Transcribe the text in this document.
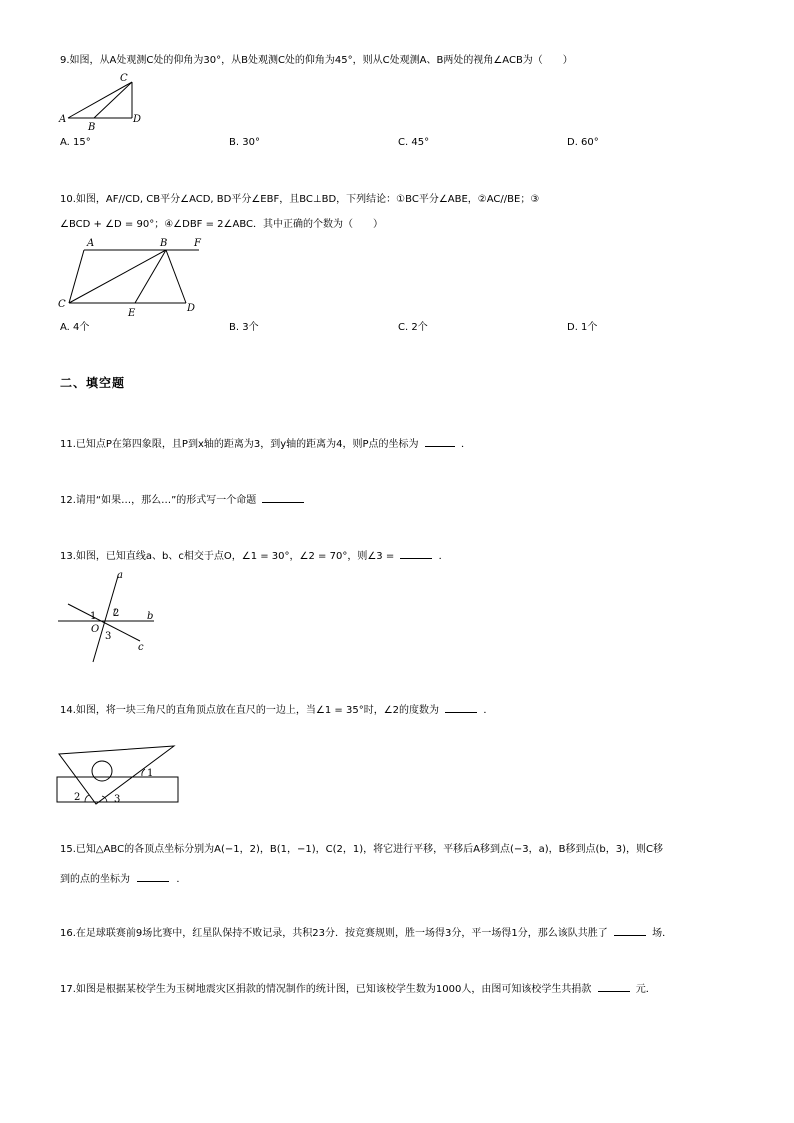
9.如图，从A处观测C处的仰角为30°，从B处观测C处的仰角为45°，则从C处观测A、B两处的视角∠ACB为（　　）
C
A
B
D
A. 15°	B. 30°	C. 45°	D. 60°
10.如图，AF//CD, CB平分∠ACD, BD平分∠EBF，且BC⊥BD，下列结论：①BC平分∠ABE，②AC//BE；③
∠BCD + ∠D = 90°；④∠DBF = 2∠ABC．其中正确的个数为（　　）
A	B	F
C
E	D
A. 4个	B. 3个	C. 2个	D. 1个
二、填空题
11.已知点P在第四象限，且P到x轴的距离为3，到y轴的距离为4，则P点的坐标为	．
12.请用“如果…，那么…”的形式写一个命题
13.如图，已知直线a、b、c相交于点O，∠1 = 30°，∠2 = 70°，则∠3 =	．
a
b
c
O
1 2
3
14.如图，将一块三角尺的直角顶点放在直尺的一边上，当∠1 = 35°时，∠2的度数为	．
1
2	3
15.已知△ABC的各顶点坐标分别为A(−1，2)，B(1，−1)，C(2，1)，将它进行平移，平移后A移到点(−3，a)，B移到点(b，3)，则C移
到的点的坐标为	．
16.在足球联赛前9场比赛中，红星队保持不败记录，共积23分．按竞赛规则，胜一场得3分，平一场得1分，那么该队共胜了	场．
17.如图是根据某校学生为玉树地震灾区捐款的情况制作的统计图，已知该校学生数为1000人，由图可知该校学生共捐款	元．
